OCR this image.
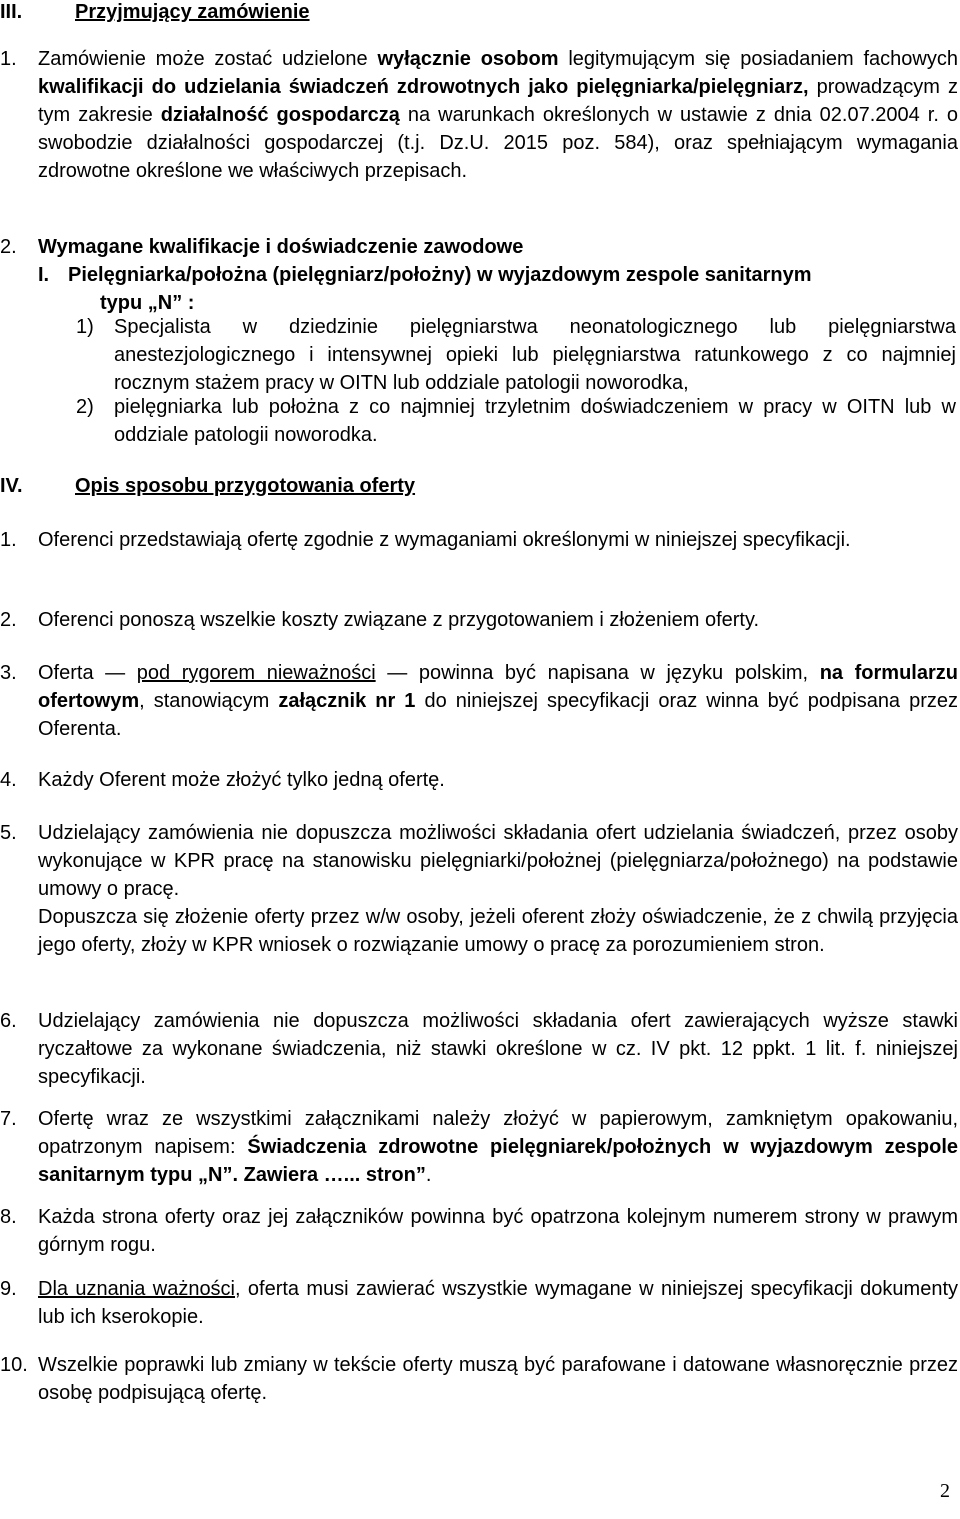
III.	Przyjmujący zamówienie
1. Zamówienie może zostać udzielone wyłącznie osobom legitymującym się posiadaniem fachowych kwalifikacji do udzielania świadczeń zdrowotnych jako pielęgniarka/pielęgniarz, prowadzącym z tym zakresie działalność gospodarczą na warunkach określonych w ustawie z dnia 02.07.2004 r. o swobodzie działalności gospodarczej (t.j. Dz.U. 2015 poz. 584), oraz spełniającym wymagania zdrowotne określone we właściwych przepisach.
2. Wymagane kwalifikacje i doświadczenie zawodowe
I. Pielęgniarka/położna (pielęgniarz/położny) w wyjazdowym zespole sanitarnym
typu „N” :
1) Specjalista w dziedzinie pielęgniarstwa neonatologicznego lub pielęgniarstwa anestezjologicznego i intensywnej opieki lub pielęgniarstwa ratunkowego z co najmniej rocznym stażem pracy w OITN lub oddziale patologii noworodka,
2) pielęgniarka lub położna z co najmniej trzyletnim doświadczeniem w pracy w OITN lub w oddziale patologii noworodka.
IV.	Opis sposobu przygotowania oferty
1. Oferenci przedstawiają ofertę zgodnie z wymaganiami określonymi w niniejszej specyfikacji.
2. Oferenci ponoszą wszelkie koszty związane z przygotowaniem i złożeniem oferty.
3. Oferta — pod rygorem nieważności — powinna być napisana w języku polskim, na formularzu ofertowym, stanowiącym załącznik nr 1 do niniejszej specyfikacji oraz winna być podpisana przez Oferenta.
4. Każdy Oferent może złożyć tylko jedną ofertę.
5. Udzielający zamówienia nie dopuszcza możliwości składania ofert udzielania świadczeń, przez osoby wykonujące w KPR pracę na stanowisku pielęgniarki/położnej (pielęgniarza/położnego) na podstawie umowy o pracę.
Dopuszcza się złożenie oferty przez w/w osoby, jeżeli oferent złoży oświadczenie, że z chwilą przyjęcia jego oferty, złoży w KPR wniosek o rozwiązanie umowy o pracę za porozumieniem stron.
6. Udzielający zamówienia nie dopuszcza możliwości składania ofert zawierających wyższe stawki ryczałtowe za wykonane świadczenia, niż stawki określone w cz. IV pkt. 12 ppkt. 1 lit. f. niniejszej specyfikacji.
7. Ofertę wraz ze wszystkimi załącznikami należy złożyć w papierowym, zamkniętym opakowaniu, opatrzonym napisem: Świadczenia zdrowotne pielęgniarek/położnych w wyjazdowym zespole sanitarnym typu „N”. Zawiera …... stron”.
8. Każda strona oferty oraz jej załączników powinna być opatrzona kolejnym numerem strony w prawym górnym rogu.
9. Dla uznania ważności, oferta musi zawierać wszystkie wymagane w niniejszej specyfikacji dokumenty lub ich kserokopie.
10. Wszelkie poprawki lub zmiany w tekście oferty muszą być parafowane i datowane własnoręcznie przez osobę podpisującą ofertę.
2
